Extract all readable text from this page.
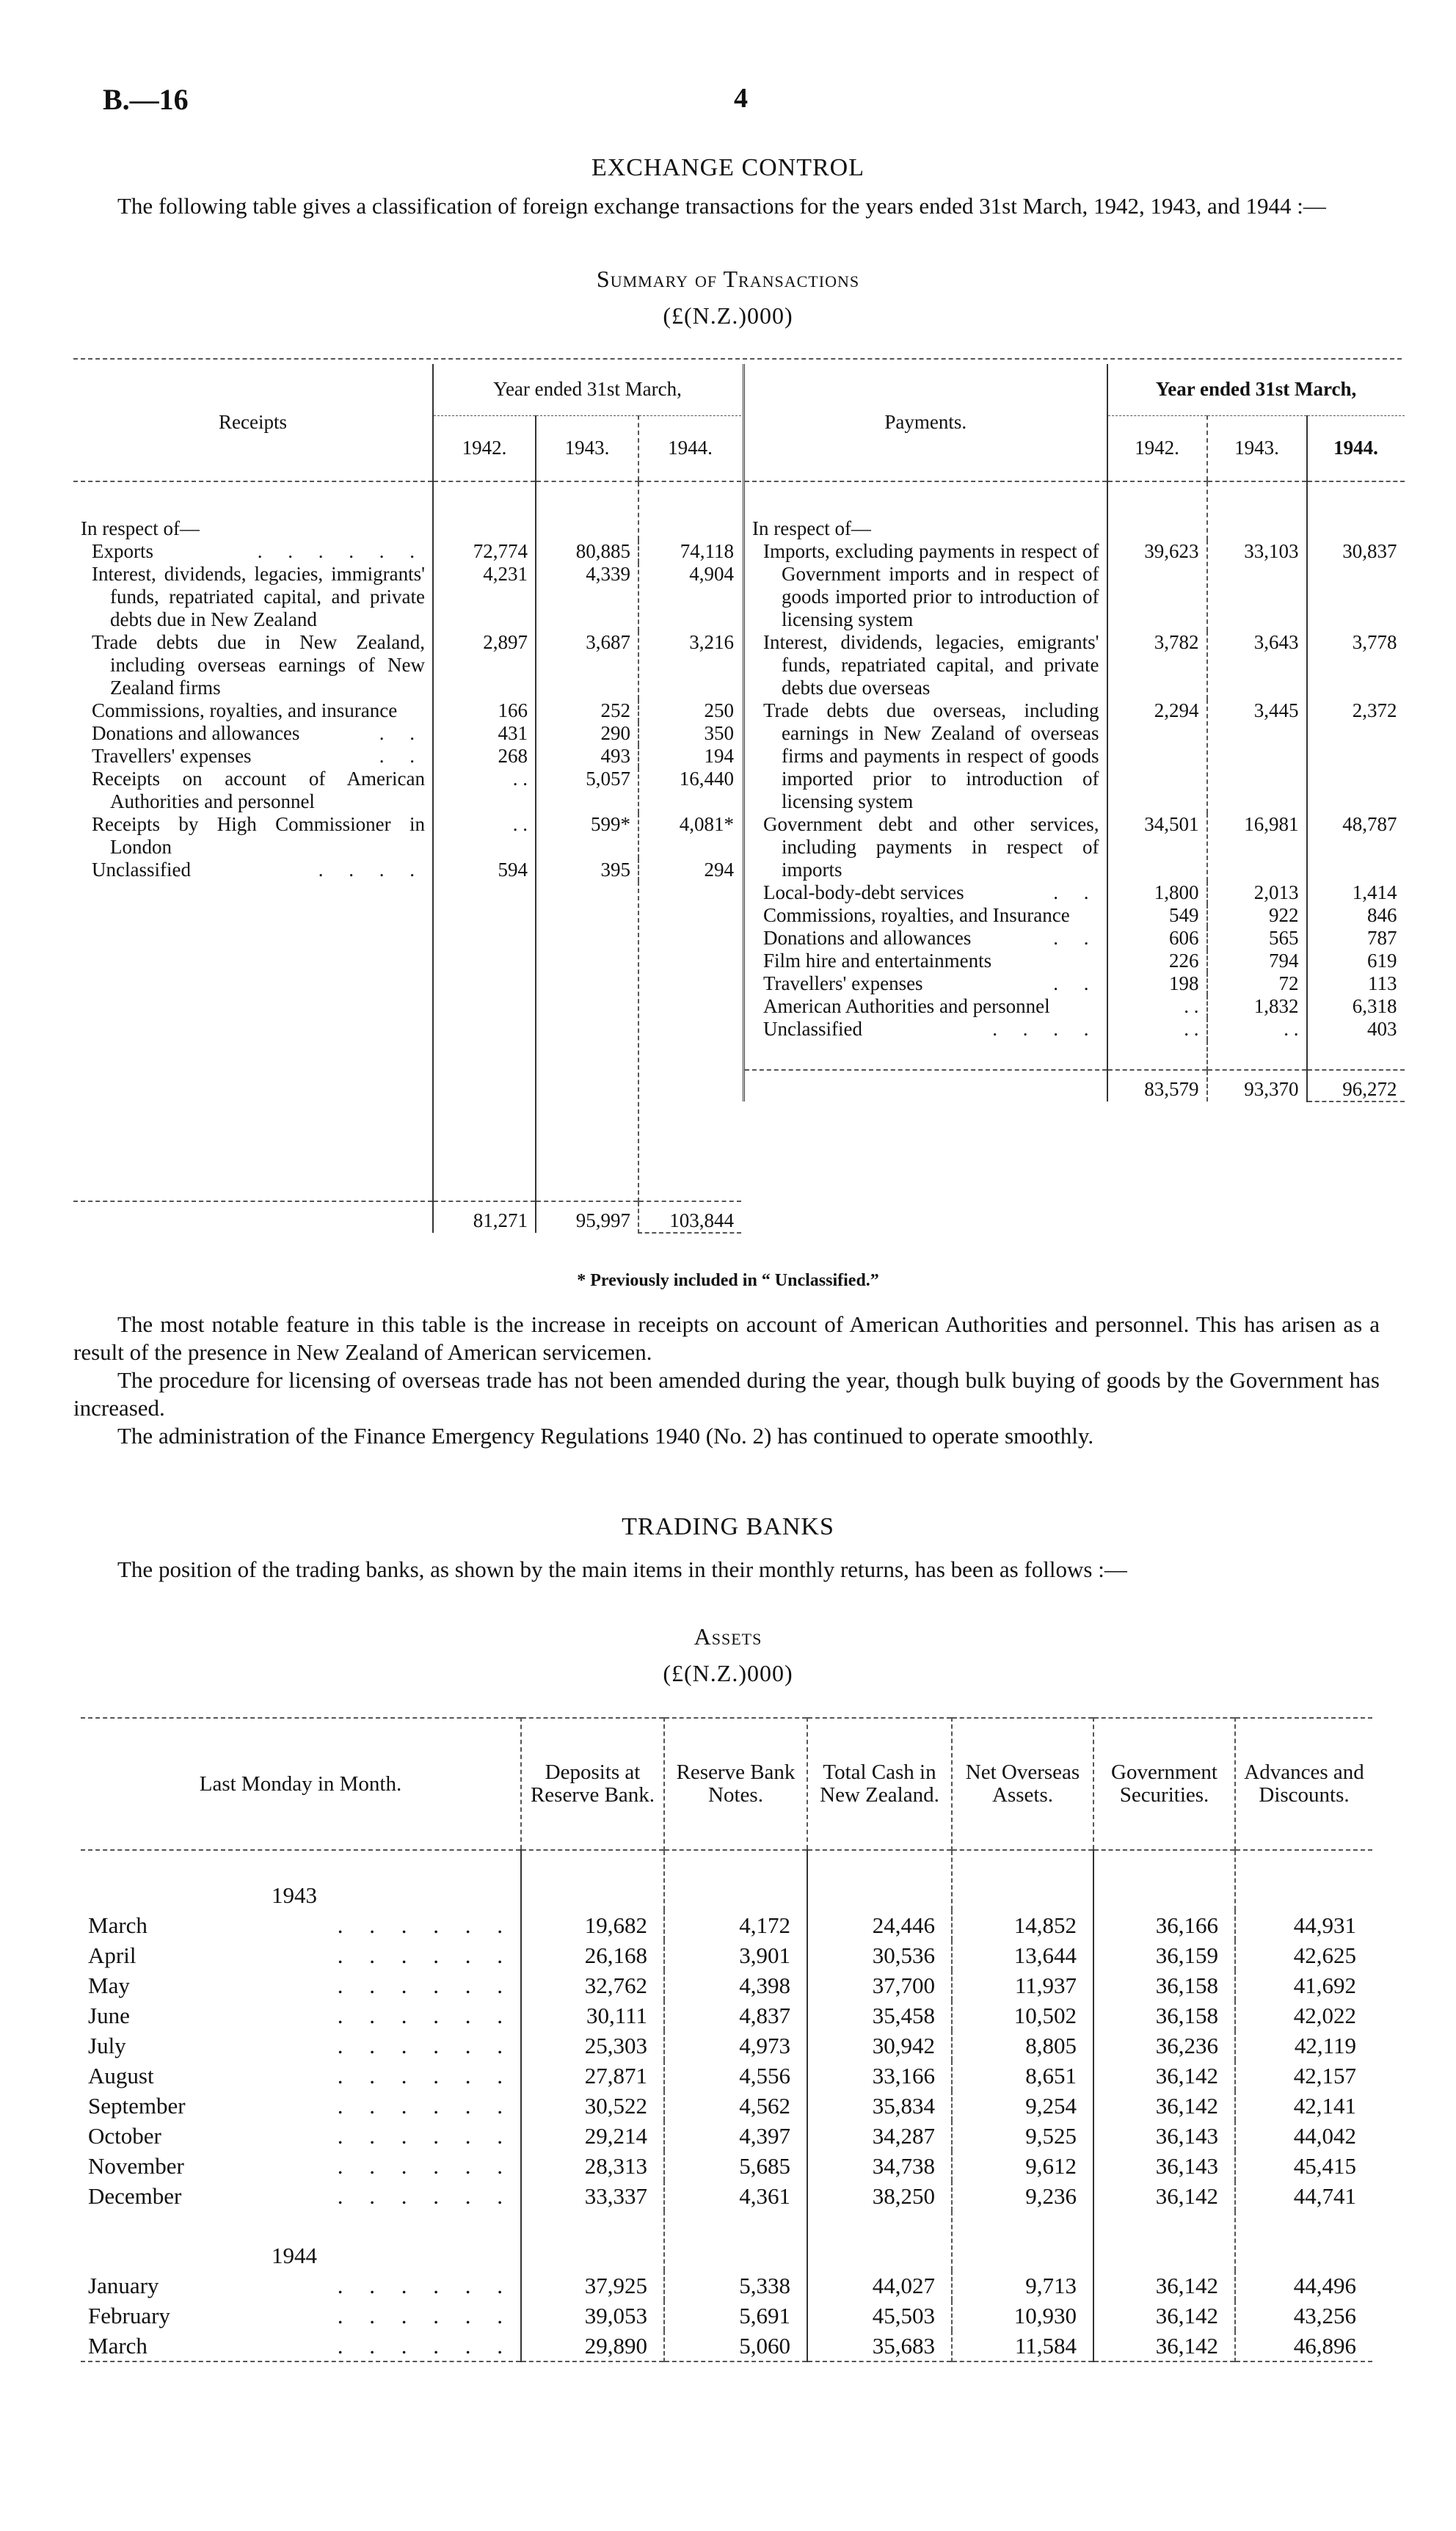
B.—16	4
EXCHANGE CONTROL

The following table gives a classification of foreign exchange transactions for the years ended 31st March, 1942, 1943, and 1944 :—

Summary of Transactions
(£(N.Z.)000)
Receipts	Year ended 31st March,		
	1942.	1943.	1944.
In respect of—			

. . . . . .
Exports	72,774	80,885	74,118
Interest, dividends, legacies, immigrants' funds, repatriated capital, and private debts due in New Zealand	4,231	4,339	4,904
Trade debts due in New Zealand, including overseas earnings of New Zealand firms	2,897	3,687	3,216
Commissions, royalties, and insurance	166	252	250

. .
Donations and allowances	431	290	350

. .
Travellers' expenses	268	493	194
Receipts on account of American Authorities and personnel	. .	5,057	16,440
Receipts by High Commissioner in London	. .	599*	4,081*

. . . .
Unclassified	594	395	294

	81,271	95,997	103,844
Payments.	Year ended 31st March,		
	1942.	1943.	1944.
In respect of—			
Imports, excluding payments in respect of Government imports and in respect of goods imported prior to introduction of licensing system	39,623	33,103	30,837
Interest, dividends, legacies, emigrants' funds, repatriated capital, and private debts due overseas	3,782	3,643	3,778
Trade debts due overseas, including earnings in New Zealand of overseas firms and payments in respect of goods imported prior to introduction of licensing system	2,294	3,445	2,372
Government debt and other services, including payments in respect of imports	34,501	16,981	48,787

. .
Local-body-debt services	1,800	2,013	1,414
Commissions, royalties, and Insurance	549	922	846

. .
Donations and allowances	606	565	787
Film hire and entertainments	226	794	619

. .
Travellers' expenses	198	72	113
American Authorities and personnel	. .	1,832	6,318

. . . .
Unclassified	. .	. .	403

	83,579	93,370	96,272
* Previously included in “ Unclassified.”

The most notable feature in this table is the increase in receipts on account of American Authorities and personnel. This has arisen as a result of the presence in New Zealand of American servicemen.

The procedure for licensing of overseas trade has not been amended during the year, though bulk buying of goods by the Government has increased.

The administration of the Finance Emergency Regulations 1940 (No. 2) has continued to operate smoothly.

TRADING BANKS

The position of the trading banks, as shown by the main items in their monthly returns, has been as follows :—

Assets
(£(N.Z.)000)
Last Monday in Month.	Deposits at Reserve Bank.	Reserve Bank Notes.	Total Cash in New Zealand.	Net Overseas Assets.	Government Securities.	Advances and Discounts.
1943						

. . . . . .
March	19,682	4,172	24,446	14,852	36,166	44,931

. . . . . .
April	26,168	3,901	30,536	13,644	36,159	42,625

. . . . . .
May	32,762	4,398	37,700	11,937	36,158	41,692

. . . . . .
June	30,111	4,837	35,458	10,502	36,158	42,022

. . . . . .
July	25,303	4,973	30,942	8,805	36,236	42,119

. . . . . .
August	27,871	4,556	33,166	8,651	36,142	42,157

. . . . . .
September	30,522	4,562	35,834	9,254	36,142	42,141

. . . . . .
October	29,214	4,397	34,287	9,525	36,143	44,042

. . . . . .
November	28,313	5,685	34,738	9,612	36,143	45,415

. . . . . .
December	33,337	4,361	38,250	9,236	36,142	44,741
1944						

. . . . . .
January	37,925	5,338	44,027	9,713	36,142	44,496

. . . . . .
February	39,053	5,691	45,503	10,930	36,142	43,256

. . . . . .
March	29,890	5,060	35,683	11,584	36,142	46,896
